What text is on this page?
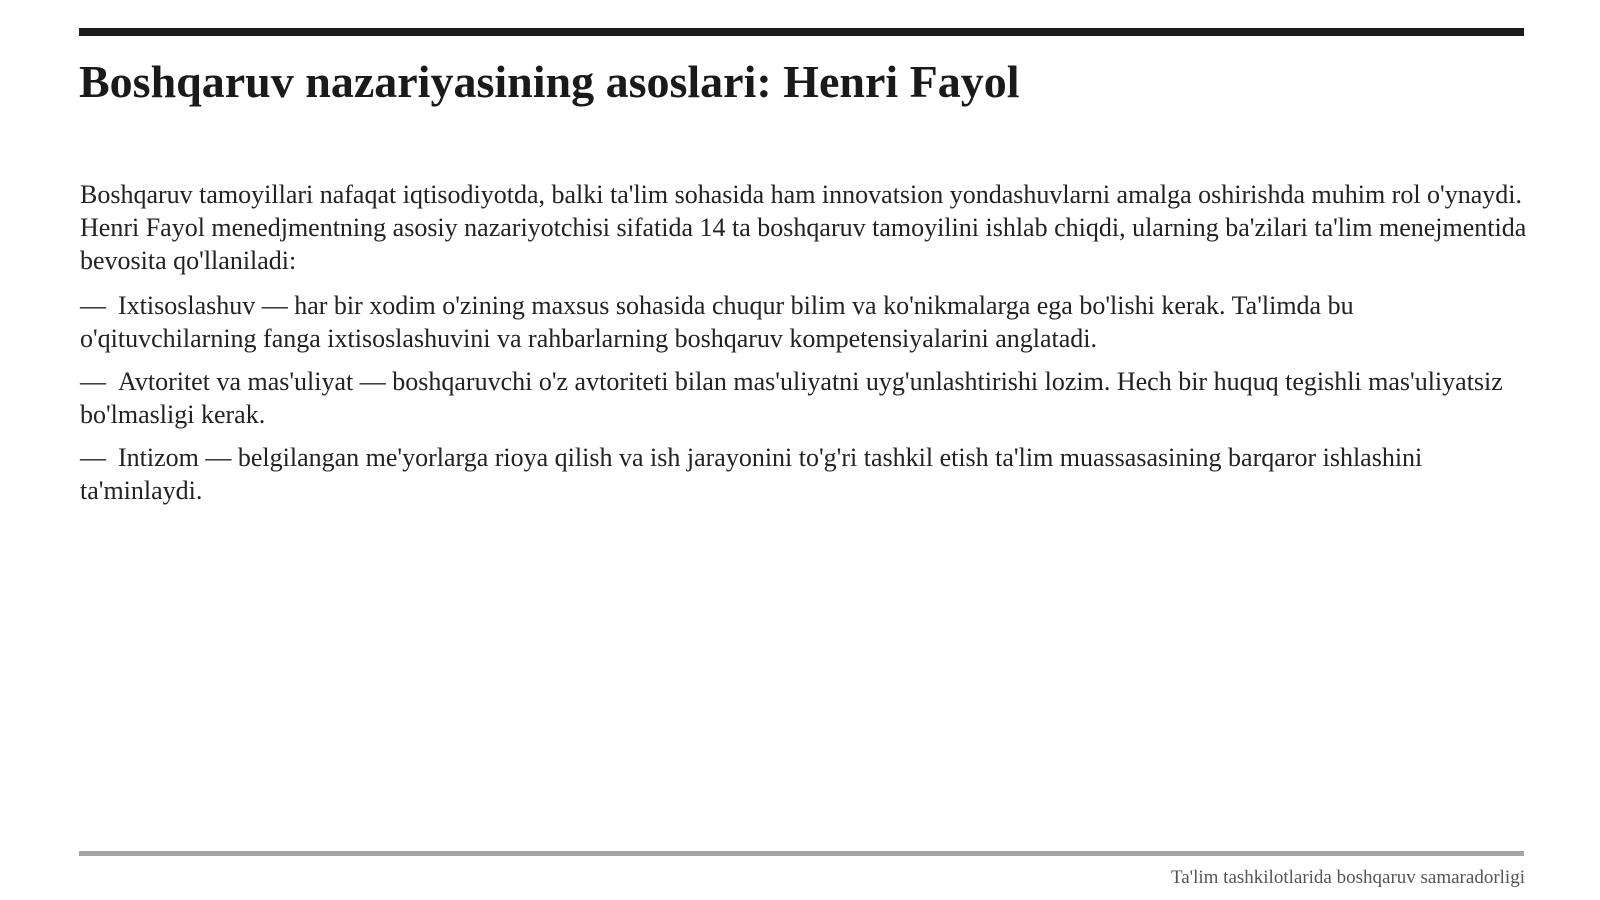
Boshqaruv nazariyasining asoslari: Henri Fayol

Boshqaruv tamoyillari nafaqat iqtisodiyotda, balki ta'lim sohasida ham innovatsion yondashuvlarni amalga oshirishda muhim rol o'ynaydi. Henri Fayol menedjmentning asosiy nazariyotchisi sifatida 14 ta boshqaruv tamoyilini ishlab chiqdi, ularning ba'zilari ta'lim menejmentida bevosita qo'llaniladi:

— Ixtisoslashuv — har bir xodim o'zining maxsus sohasida chuqur bilim va ko'nikmalarga ega bo'lishi kerak. Ta'limda bu o'qituvchilarning fanga ixtisoslashuvini va rahbarlarning boshqaruv kompetensiyalarini anglatadi.

— Avtoritet va mas'uliyat — boshqaruvchi o'z avtoriteti bilan mas'uliyatni uyg'unlashtirishi lozim. Hech bir huquq tegishli mas'uliyatsiz bo'lmasligi kerak.

— Intizom — belgilangan me'yorlarga rioya qilish va ish jarayonini to'g'ri tashkil etish ta'lim muassasasining barqaror ishlashini ta'minlaydi.

Ta'lim tashkilotlarida boshqaruv samaradorligi
